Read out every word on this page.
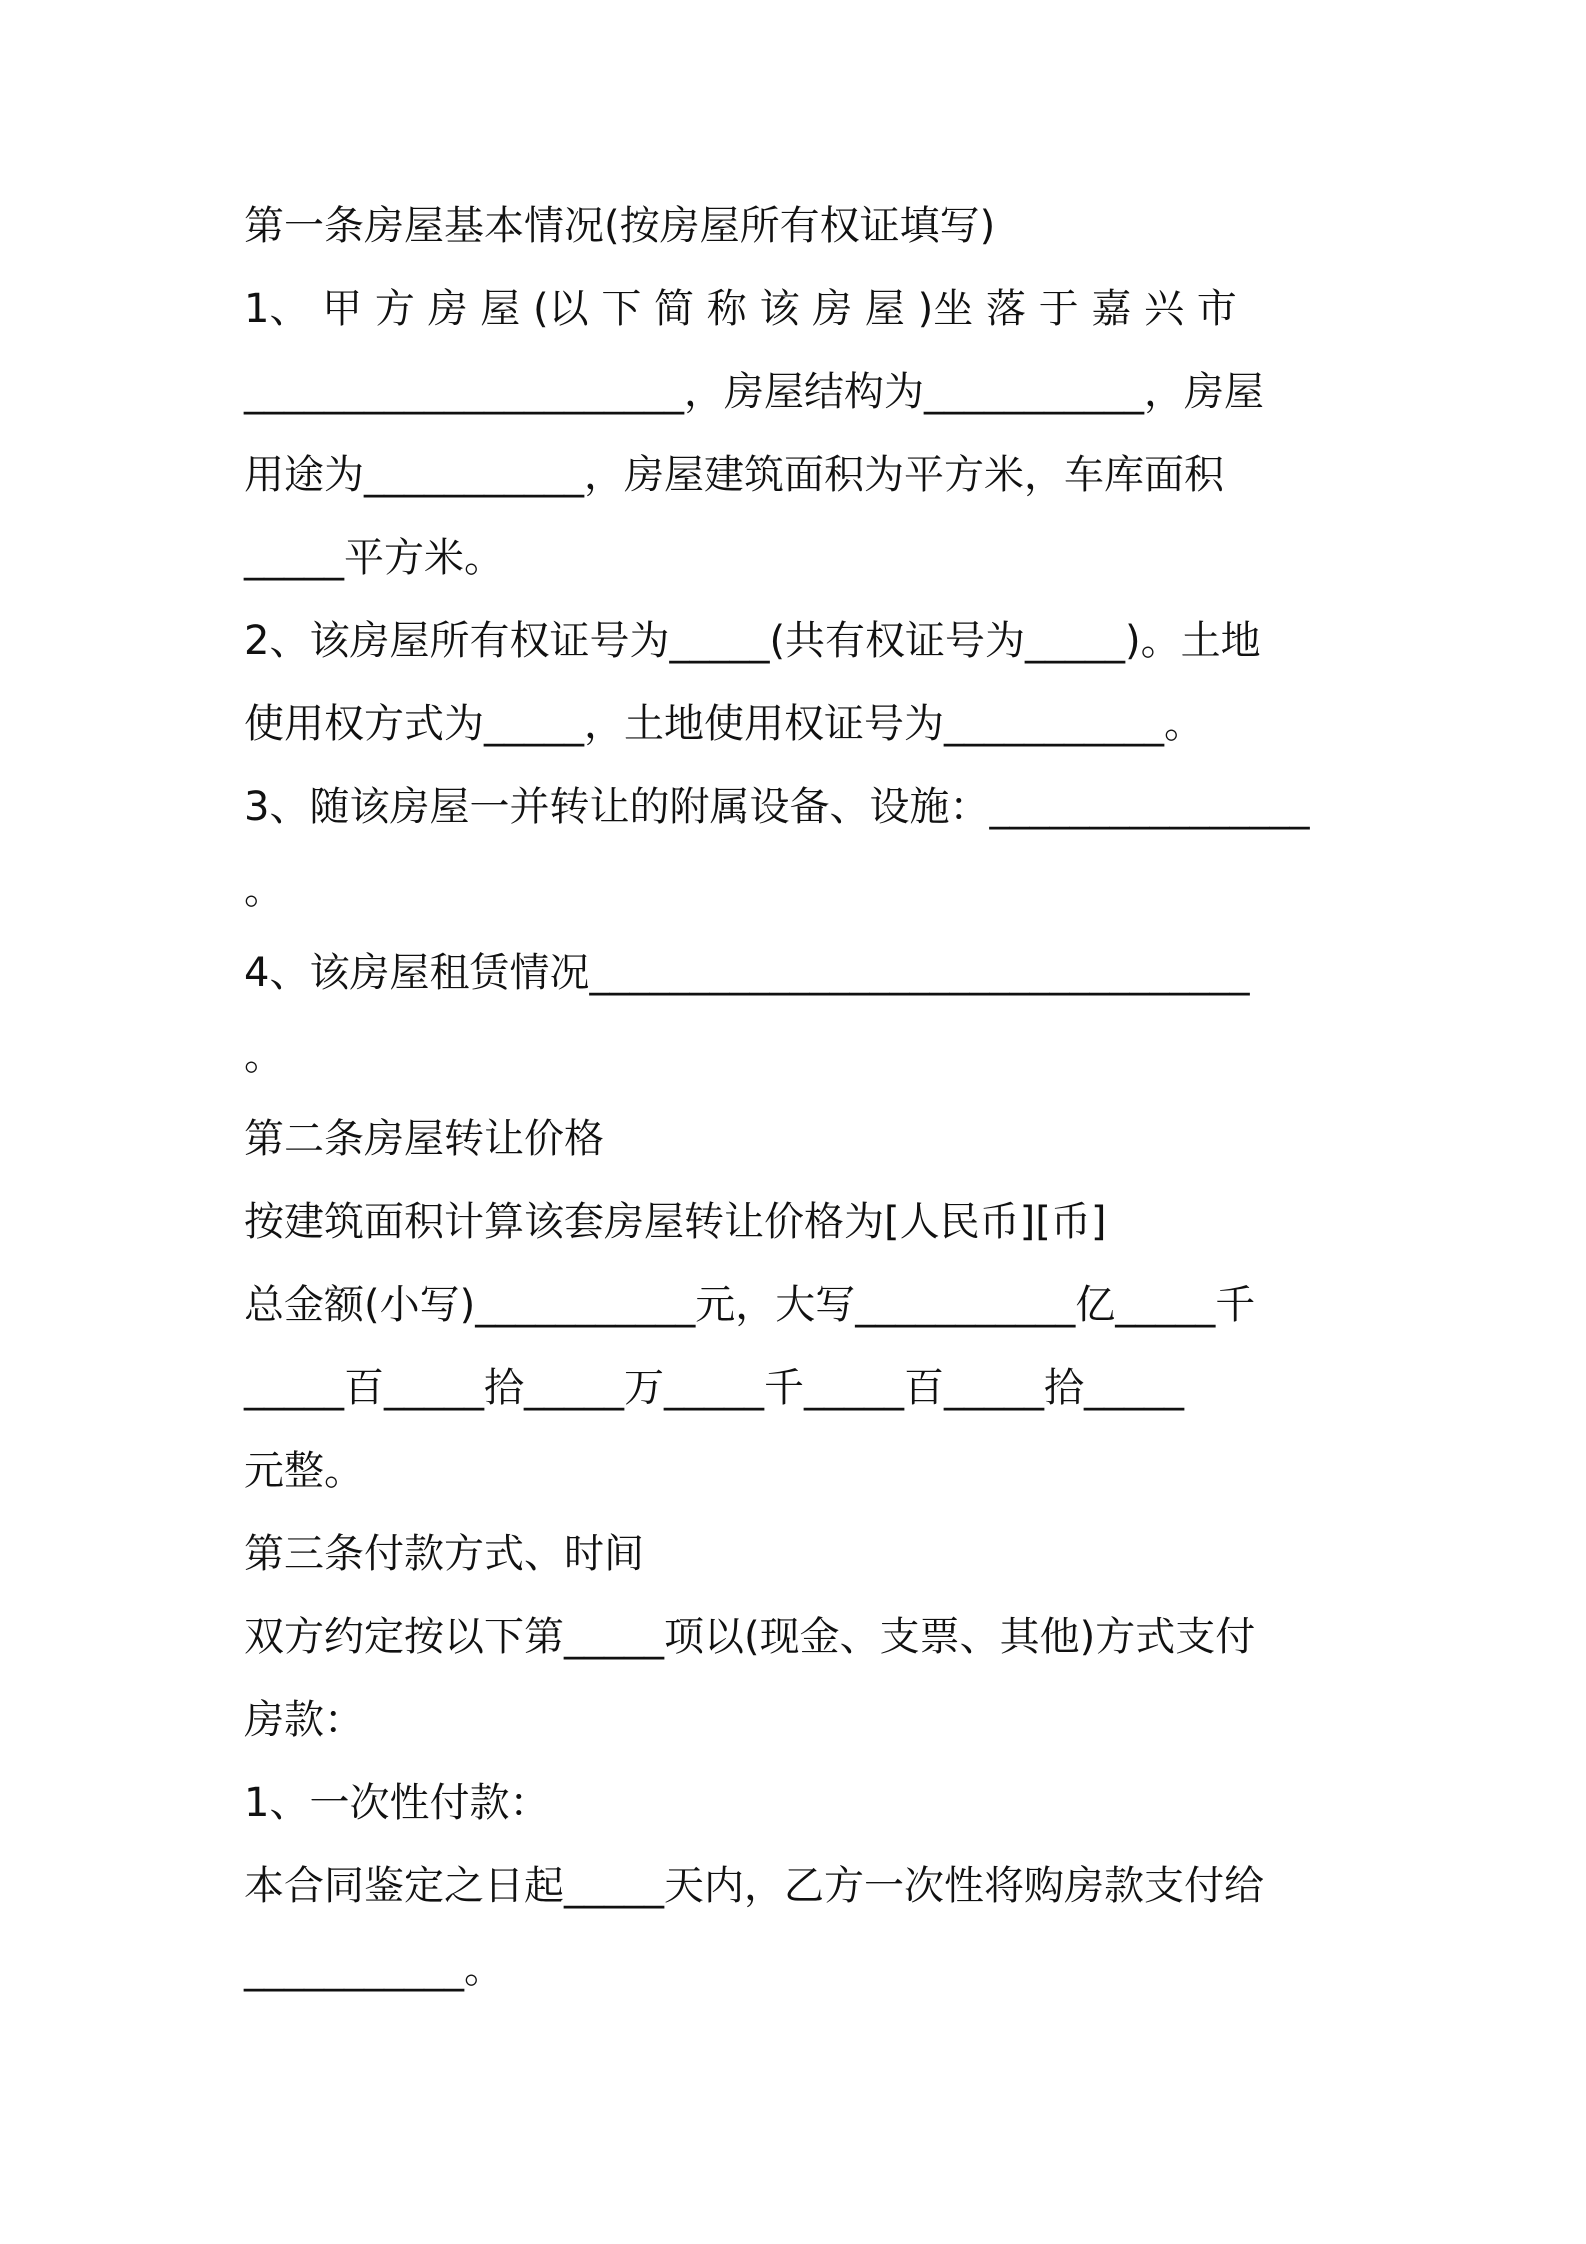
第一条房屋基本情况(按房屋所有权证填写)
1、 甲 方 房 屋 (以 下 简 称 该 房 屋 )坐 落 于 嘉 兴 市
______________________，房屋结构为___________，房屋
用途为___________，房屋建筑面积为平方米，车库面积
_____平方米。
2、该房屋所有权证号为_____(共有权证号为_____)。土地
使用权方式为_____，土地使用权证号为___________。
3、随该房屋一并转让的附属设备、设施：________________
。
4、该房屋租赁情况_________________________________
。
第二条房屋转让价格
按建筑面积计算该套房屋转让价格为[人民币][币]
总金额(小写)___________元，大写___________亿_____千
_____百_____拾_____万_____千_____百_____拾_____
元整。
第三条付款方式、时间
双方约定按以下第_____项以(现金、支票、其他)方式支付
房款：
1、一次性付款：
本合同鉴定之日起_____天内，乙方一次性将购房款支付给
___________。
